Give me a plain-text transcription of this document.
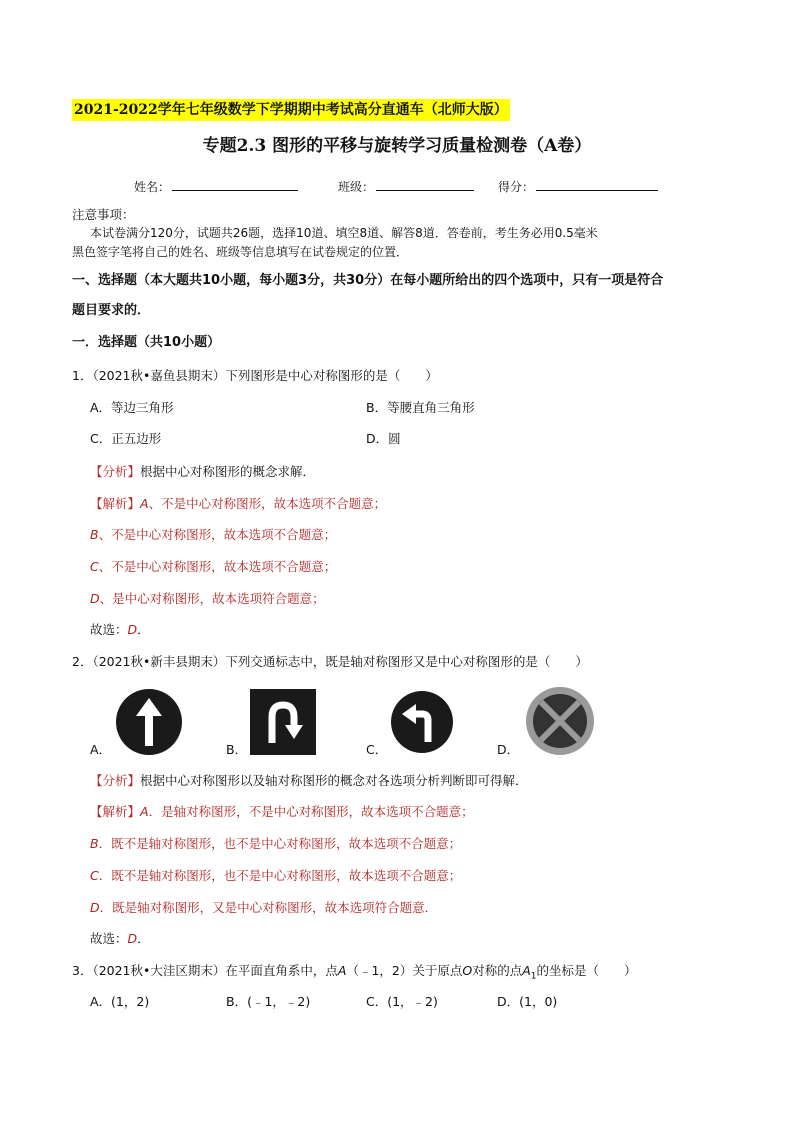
2021-2022学年七年级数学下学期期中考试高分直通车（北师大版）
专题2.3 图形的平移与旋转学习质量检测卷（A卷）
姓名：	班级：	得分：
注意事项：
本试卷满分120分，试题共26题，选择10道、填空8道、解答8道．答卷前，考生务必用0.5毫米
黑色签字笔将自己的姓名、班级等信息填写在试卷规定的位置．
一、选择题（本大题共10小题，每小题3分，共30分）在每小题所给出的四个选项中，只有一项是符合
题目要求的．
一．选择题（共10小题）
1．（2021秋•嘉鱼县期末）下列图形是中心对称图形的是（　　）
A．等边三角形	B．等腰直角三角形
C．正五边形	D．圆
【分析】根据中心对称图形的概念求解．
【解析】A、不是中心对称图形，故本选项不合题意；
B、不是中心对称图形，故本选项不合题意；
C、不是中心对称图形，故本选项不合题意；
D、是中心对称图形，故本选项符合题意；
故选：D．
2．（2021秋•新丰县期末）下列交通标志中，既是轴对称图形又是中心对称图形的是（　　）
A．	B．	C．	D．
【分析】根据中心对称图形以及轴对称图形的概念对各选项分析判断即可得解．
【解析】A．是轴对称图形，不是中心对称图形，故本选项不合题意；
B．既不是轴对称图形，也不是中心对称图形，故本选项不合题意；
C．既不是轴对称图形，也不是中心对称图形，故本选项不合题意；
D．既是轴对称图形，又是中心对称图形，故本选项符合题意．
故选：D．
3．（2021秋•大洼区期末）在平面直角系中，点A（﹣1，2）关于原点O对称的点$A_1$的坐标是（　　）
A．(1，2)	B．(﹣1，﹣2)	C．(1，﹣2)	D．(1，0)
